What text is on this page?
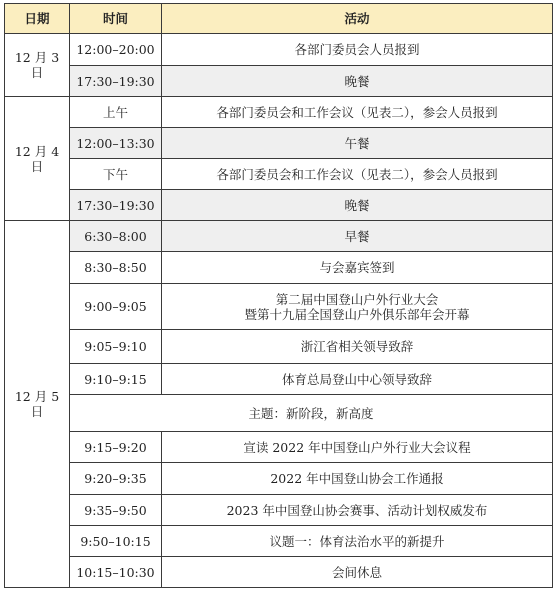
日期	时间	活动
12 月 3 日	12:00–20:00	各部门委员会人员报到
	17:30–19:30	晚餐
12 月 4 日	上午	各部门委员会和工作会议（见表二），参会人员报到
	12:00–13:30	午餐
	下午	各部门委员会和工作会议（见表二），参会人员报到
	17:30–19:30	晚餐
12 月 5 日	6:30–8:00	早餐
	8:30–8:50	与会嘉宾签到
	9:00–9:05	第二届中国登山户外行业大会
暨第十九届全国登山户外俱乐部年会开幕

	9:05–9:10	浙江省相关领导致辞
	9:10–9:15	体育总局登山中心领导致辞
	主题：新阶段，新高度	
	9:15–9:20	宣读 2022 年中国登山户外行业大会议程
	9:20–9:35	2022 年中国登山协会工作通报
	9:35–9:50	2023 年中国登山协会赛事、活动计划权威发布
	9:50–10:15	议题一：体育法治水平的新提升
	10:15–10:30	会间休息
